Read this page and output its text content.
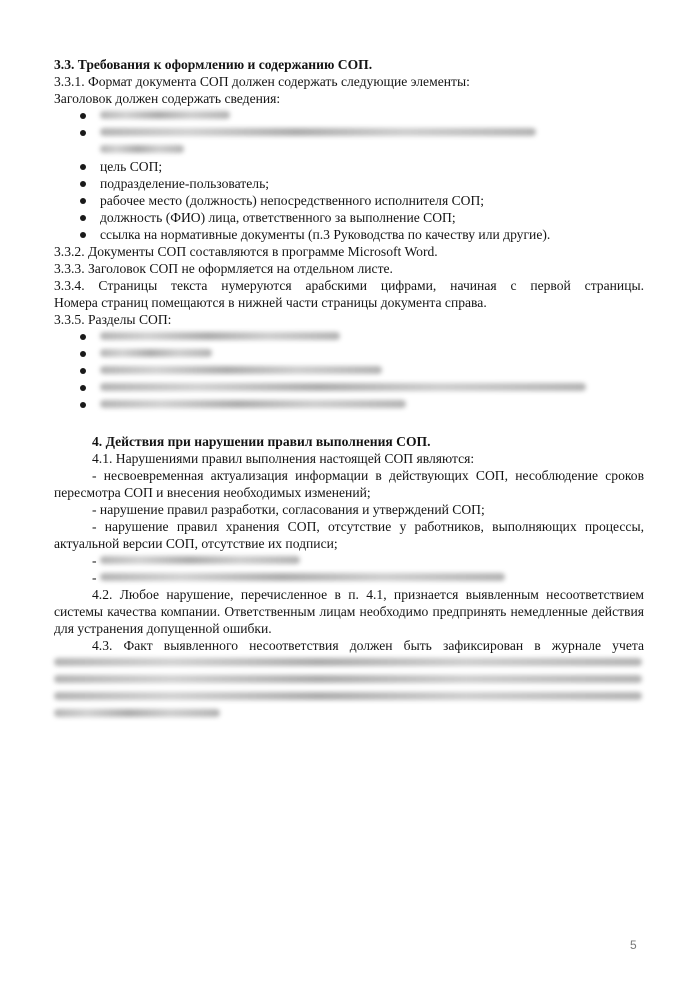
3.3. Требования к оформлению и содержанию СОП.

3.3.1. Формат документа СОП должен содержать следующие элементы:

Заголовок должен содержать сведения:

цель СОП;
подразделение-пользователь;
рабочее место (должность) непосредственного исполнителя СОП;
должность (ФИО) лица, ответственного за выполнение СОП;
ссылка на нормативные документы (п.3 Руководства по качеству или другие).

3.3.2. Документы СОП составляются в программе Microsoft Word.

3.3.3. Заголовок СОП не оформляется на отдельном листе.

3.3.4. Страницы текста нумеруются арабскими цифрами, начиная с первой страницы.

Номера страниц помещаются в нижней части страницы документа справа.

3.3.5. Разделы СОП:

4. Действия при нарушении правил выполнения СОП.

4.1. Нарушениями правил выполнения настоящей СОП являются:

- несвоевременная актуализация информации в действующих СОП, несоблюдение сроков пересмотра СОП и внесения необходимых изменений;

- нарушение правил разработки, согласования и утверждений СОП;

- нарушение правил хранения СОП, отсутствие у работников, выполняющих процессы, актуальной версии СОП, отсутствие их подписи;

-

-

4.2. Любое нарушение, перечисленное в п. 4.1, признается выявленным несоответствием системы качества компании. Ответственным лицам необходимо предпринять немедленные действия для устранения допущенной ошибки.

4.3. Факт выявленного несоответствия должен быть зафиксирован в журнале учета

5
